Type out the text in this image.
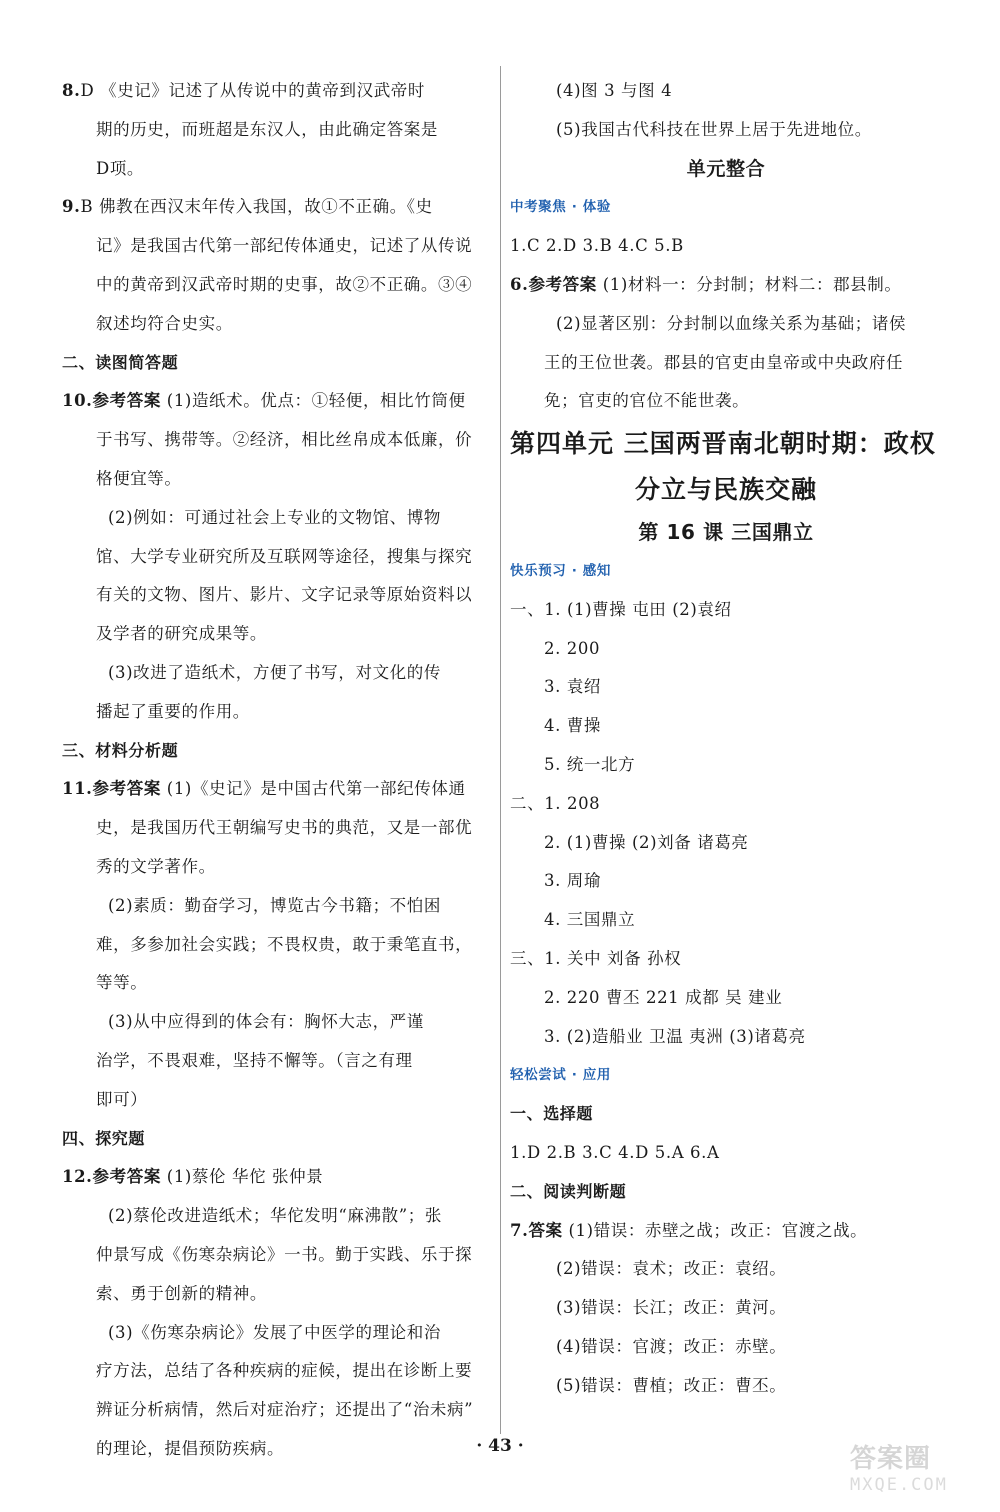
8.D 《史记》记述了从传说中的黄帝到汉武帝时
期的历史，而班超是东汉人，由此确定答案是
D项。
9.B 佛教在西汉末年传入我国，故①不正确。《史
记》是我国古代第一部纪传体通史，记述了从传说
中的黄帝到汉武帝时期的史事，故②不正确。③④
叙述均符合史实。
二、读图简答题
10.参考答案 (1)造纸术。优点：①轻便，相比竹筒便
于书写、携带等。②经济，相比丝帛成本低廉，价
格便宜等。
(2)例如：可通过社会上专业的文物馆、博物
馆、大学专业研究所及互联网等途径，搜集与探究
有关的文物、图片、影片、文字记录等原始资料以
及学者的研究成果等。
(3)改进了造纸术，方便了书写，对文化的传
播起了重要的作用。
三、材料分析题
11.参考答案 (1)《史记》是中国古代第一部纪传体通
史，是我国历代王朝编写史书的典范，又是一部优
秀的文学著作。
(2)素质：勤奋学习，博览古今书籍；不怕困
难，多参加社会实践；不畏权贵，敢于秉笔直书，
等等。
(3)从中应得到的体会有：胸怀大志，严谨
治学，不畏艰难，坚持不懈等。（言之有理
即可）
四、探究题
12.参考答案 (1)蔡伦 华佗 张仲景
(2)蔡伦改进造纸术；华佗发明“麻沸散”；张
仲景写成《伤寒杂病论》一书。勤于实践、乐于探
索、勇于创新的精神。
(3)《伤寒杂病论》发展了中医学的理论和治
疗方法，总结了各种疾病的症候，提出在诊断上要
辨证分析病情，然后对症治疗；还提出了“治未病”
的理论，提倡预防疾病。
(4)图 3 与图 4
(5)我国古代科技在世界上居于先进地位。
单元整合
中考聚焦 · 体验
1.C 2.D 3.B 4.C 5.B
6.参考答案 (1)材料一：分封制；材料二：郡县制。
(2)显著区别：分封制以血缘关系为基础；诸侯
王的王位世袭。郡县的官吏由皇帝或中央政府任
免；官吏的官位不能世袭。
第四单元 三国两晋南北朝时期：政权
分立与民族交融
第 16 课 三国鼎立
快乐预习 · 感知
一、1. (1)曹操 屯田 (2)袁绍
2. 200
3. 袁绍
4. 曹操
5. 统一北方
二、1. 208
2. (1)曹操 (2)刘备 诸葛亮
3. 周瑜
4. 三国鼎立
三、1. 关中 刘备 孙权
2. 220 曹丕 221 成都 吴 建业
3. (2)造船业 卫温 夷洲 (3)诸葛亮
轻松尝试 · 应用
一、选择题
1.D 2.B 3.C 4.D 5.A 6.A
二、阅读判断题
7.答案 (1)错误：赤壁之战；改正：官渡之战。
(2)错误：袁术；改正：袁绍。
(3)错误：长江；改正：黄河。
(4)错误：官渡；改正：赤壁。
(5)错误：曹植；改正：曹丕。
· 43 ·	答案圈
MXQE.COM
